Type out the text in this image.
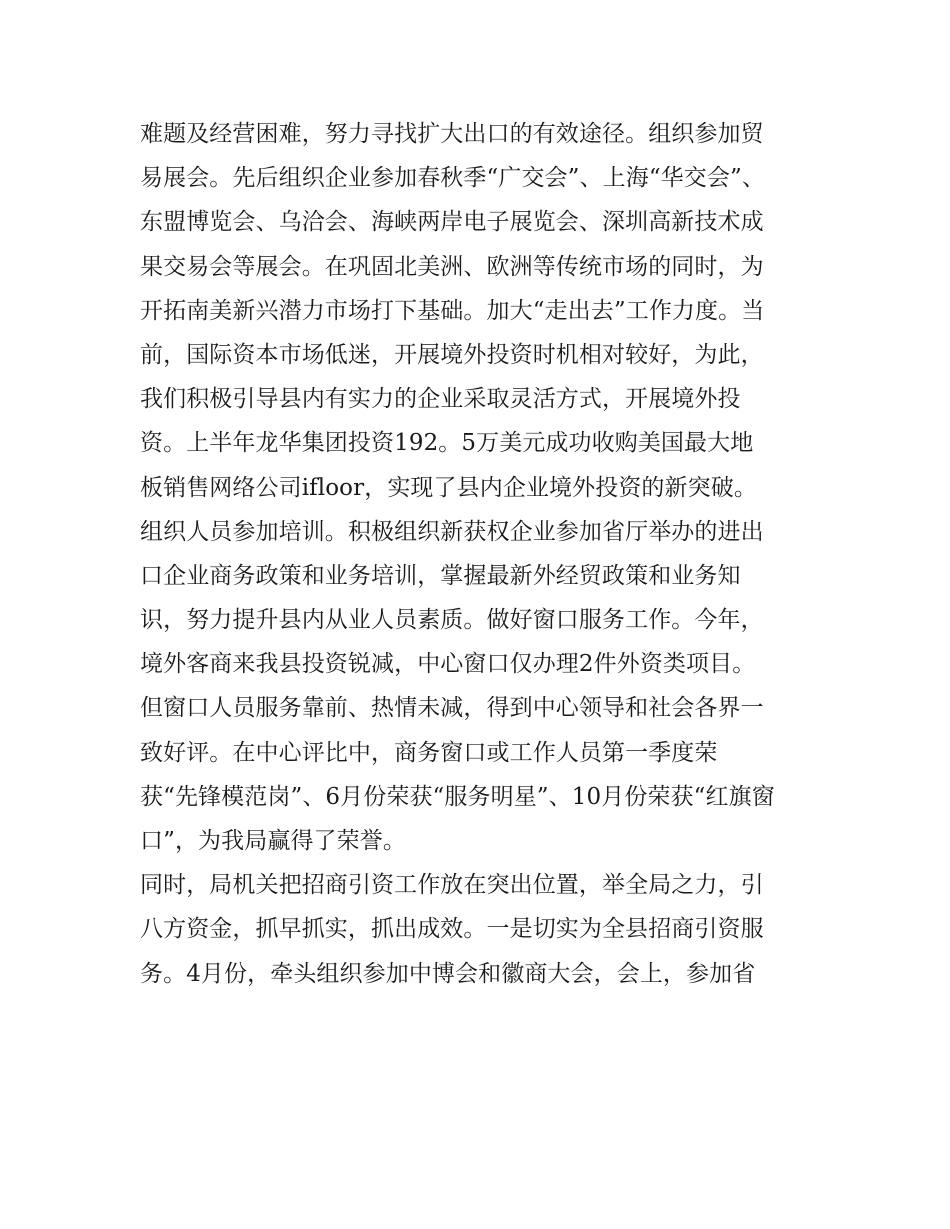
难题及经营困难，努力寻找扩大出口的有效途径。组织参加贸
易展会。先后组织企业参加春秋季“广交会”、上海“华交会”、
东盟博览会、乌洽会、海峡两岸电子展览会、深圳高新技术成
果交易会等展会。在巩固北美洲、欧洲等传统市场的同时，为
开拓南美新兴潜力市场打下基础。加大“走出去”工作力度。当
前，国际资本市场低迷，开展境外投资时机相对较好，为此，
我们积极引导县内有实力的企业采取灵活方式，开展境外投
资。上半年龙华集团投资192。5万美元成功收购美国最大地
板销售网络公司ifloor，实现了县内企业境外投资的新突破。
组织人员参加培训。积极组织新获权企业参加省厅举办的进出
口企业商务政策和业务培训，掌握最新外经贸政策和业务知
识，努力提升县内从业人员素质。做好窗口服务工作。今年，
境外客商来我县投资锐减，中心窗口仅办理2件外资类项目。
但窗口人员服务靠前、热情未减，得到中心领导和社会各界一
致好评。在中心评比中，商务窗口或工作人员第一季度荣
获“先锋模范岗”、6月份荣获“服务明星”、10月份荣获“红旗窗
口”，为我局赢得了荣誉。
同时，局机关把招商引资工作放在突出位置，举全局之力，引
八方资金，抓早抓实，抓出成效。一是切实为全县招商引资服
务。4月份，牵头组织参加中博会和徽商大会，会上，参加省
